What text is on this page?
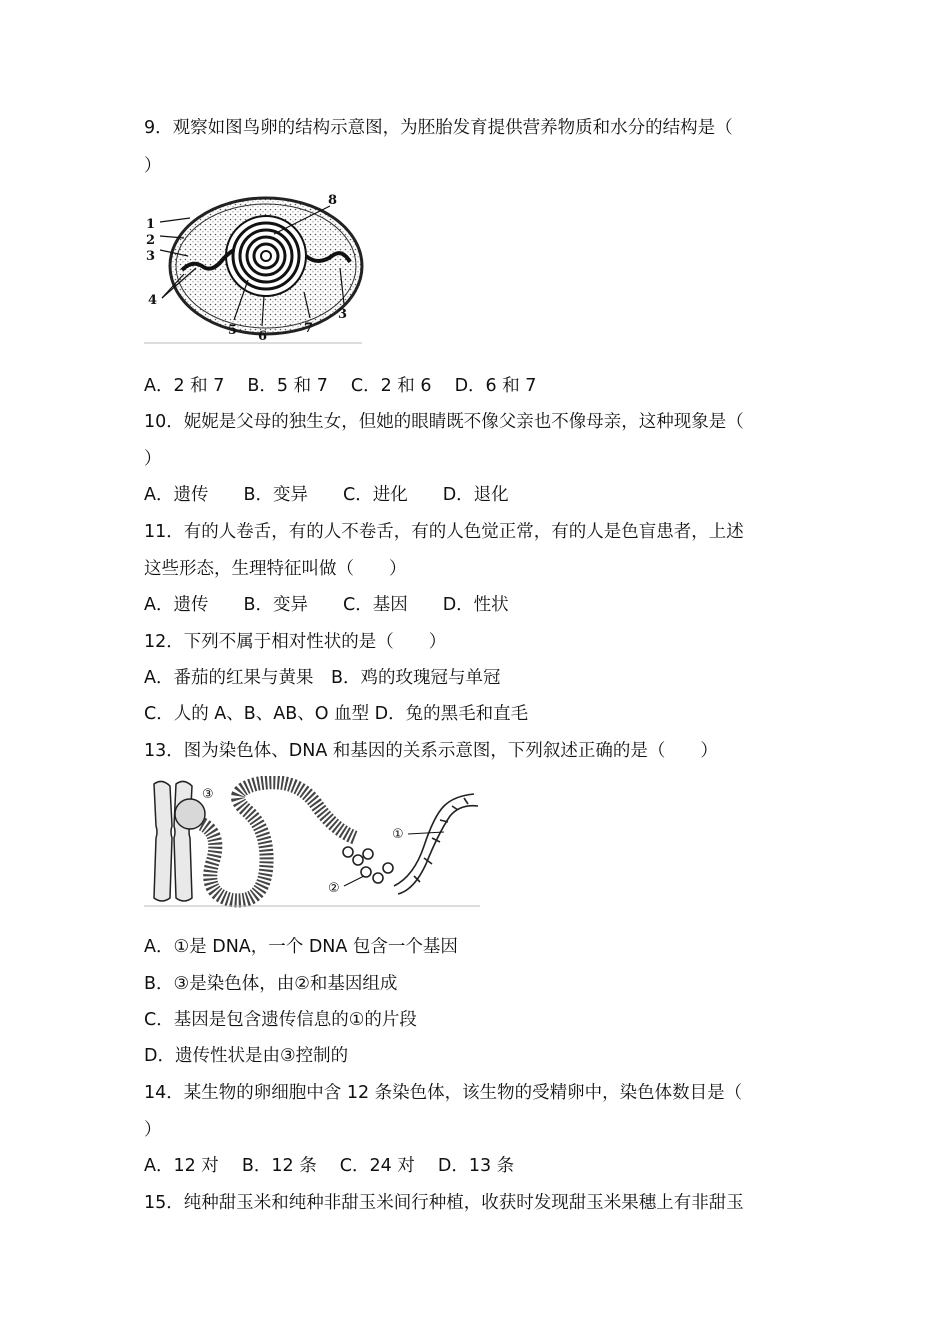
9．观察如图鸟卵的结构示意图，为胚胎发育提供营养物质和水分的结构是（
）
1
2
3
4
5 6
7
8
3
A．2 和 7　 B．5 和 7　 C．2 和 6　 D．6 和 7
10．妮妮是父母的独生女，但她的眼睛既不像父亲也不像母亲，这种现象是（
）
A．遗传　　B．变异　　C．进化　　D．退化
11．有的人卷舌，有的人不卷舌，有的人色觉正常，有的人是色盲患者，上述
这些形态，生理特征叫做（　　）
A．遗传　　B．变异　　C．基因　　D．性状
12．下列不属于相对性状的是（　　）
A．番茄的红果与黄果　B．鸡的玫瑰冠与单冠
C．人的 A、B、AB、O 血型 D．兔的黑毛和直毛
13．图为染色体、DNA 和基因的关系示意图，下列叙述正确的是（　　）
③
①
②
A．①是 DNA，一个 DNA 包含一个基因
B．③是染色体，由②和基因组成
C．基因是包含遗传信息的①的片段
D．遗传性状是由③控制的
14．某生物的卵细胞中含 12 条染色体，该生物的受精卵中，染色体数目是（
）
A．12 对　 B．12 条　 C．24 对　 D．13 条
15．纯种甜玉米和纯种非甜玉米间行种植，收获时发现甜玉米果穗上有非甜玉
